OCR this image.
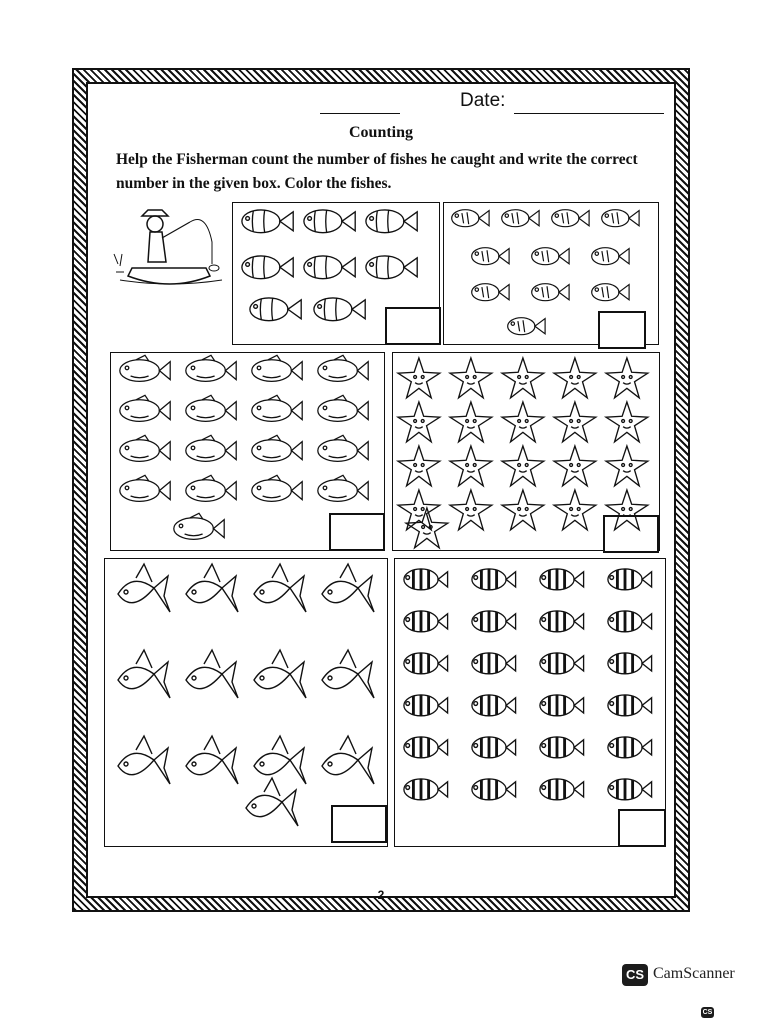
Date:
Counting
Help the Fisherman count the number of fishes he caught and write the correct number in the given box. Color the fishes.
2
CS CamScanner
CS
